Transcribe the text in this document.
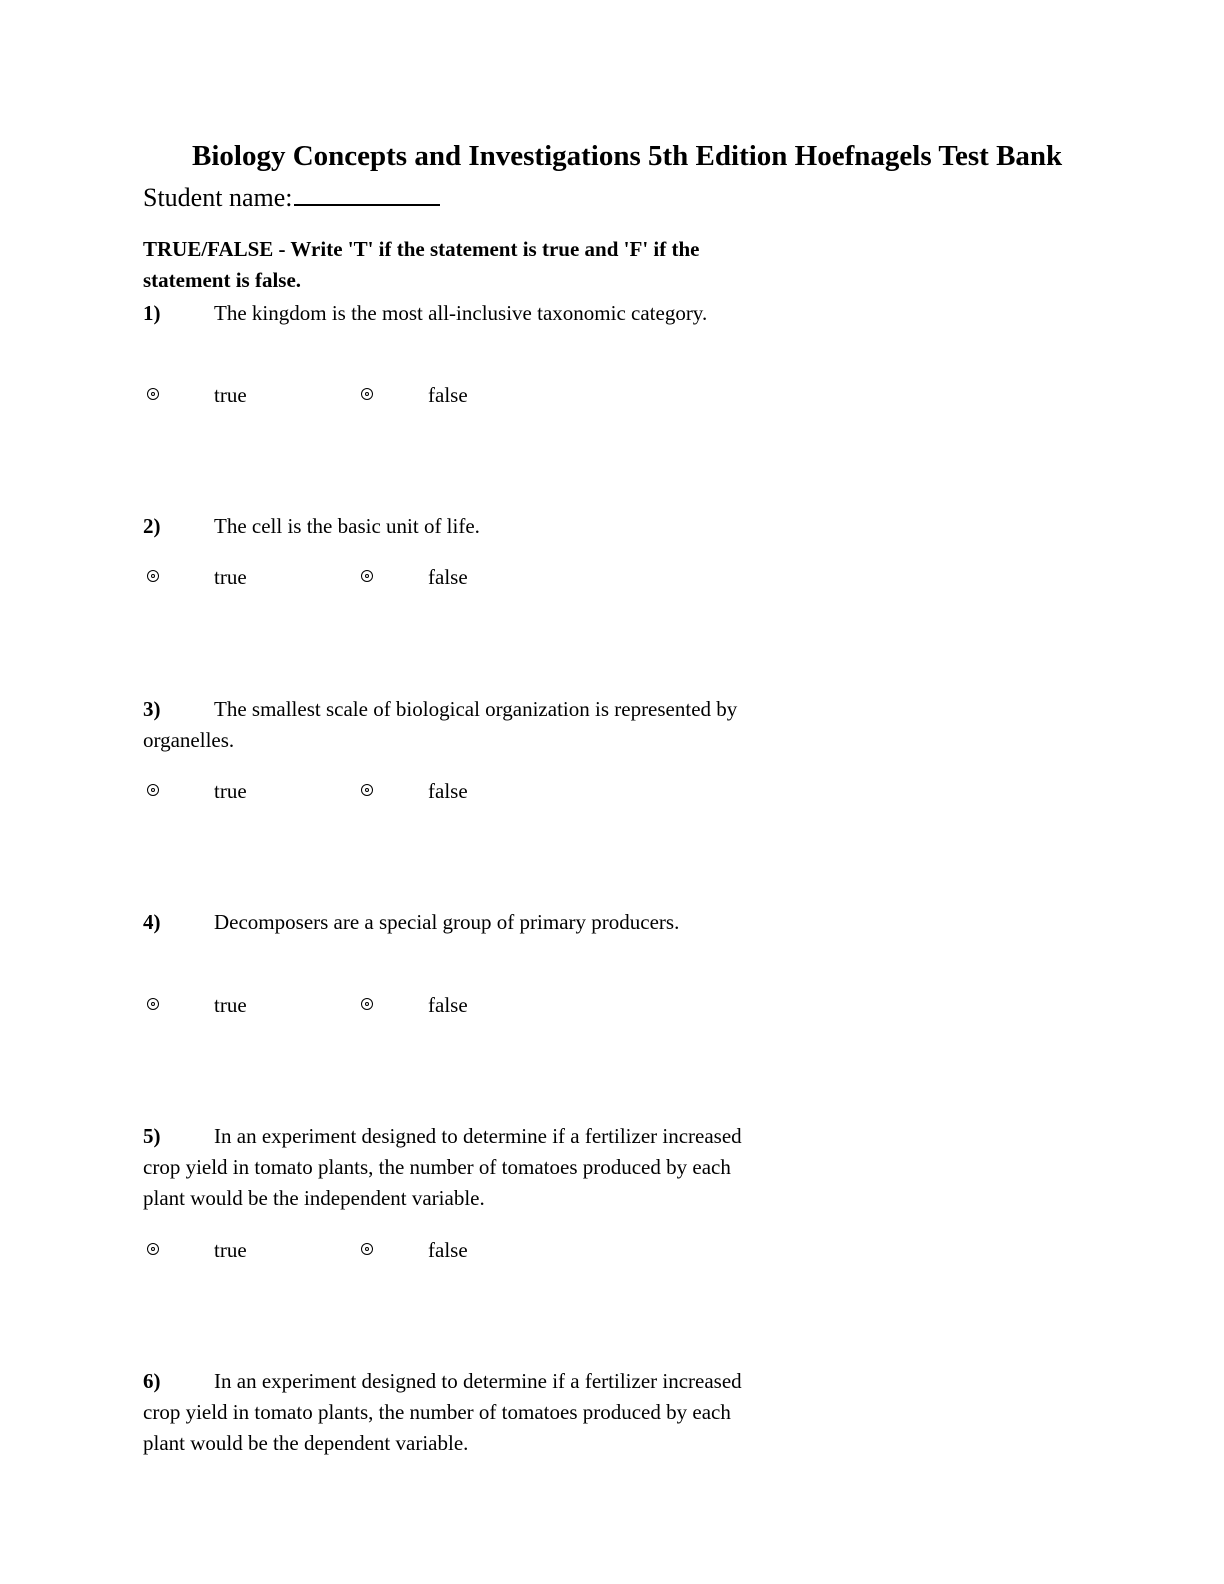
Biology Concepts and Investigations 5th Edition Hoefnagels Test Bank
Student name:
TRUE/FALSE - Write 'T' if the statement is true and 'F' if the statement is false.
1)	The kingdom is the most all-inclusive taxonomic category.
true	false
2)	The cell is the basic unit of life.
true	false
3)	The smallest scale of biological organization is represented by organelles.
true	false
4)	Decomposers are a special group of primary producers.
true	false
5)	In an experiment designed to determine if a fertilizer increased crop yield in tomato plants, the number of tomatoes produced by each plant would be the independent variable.
true	false
6)	In an experiment designed to determine if a fertilizer increased crop yield in tomato plants, the number of tomatoes produced by each plant would be the dependent variable.
